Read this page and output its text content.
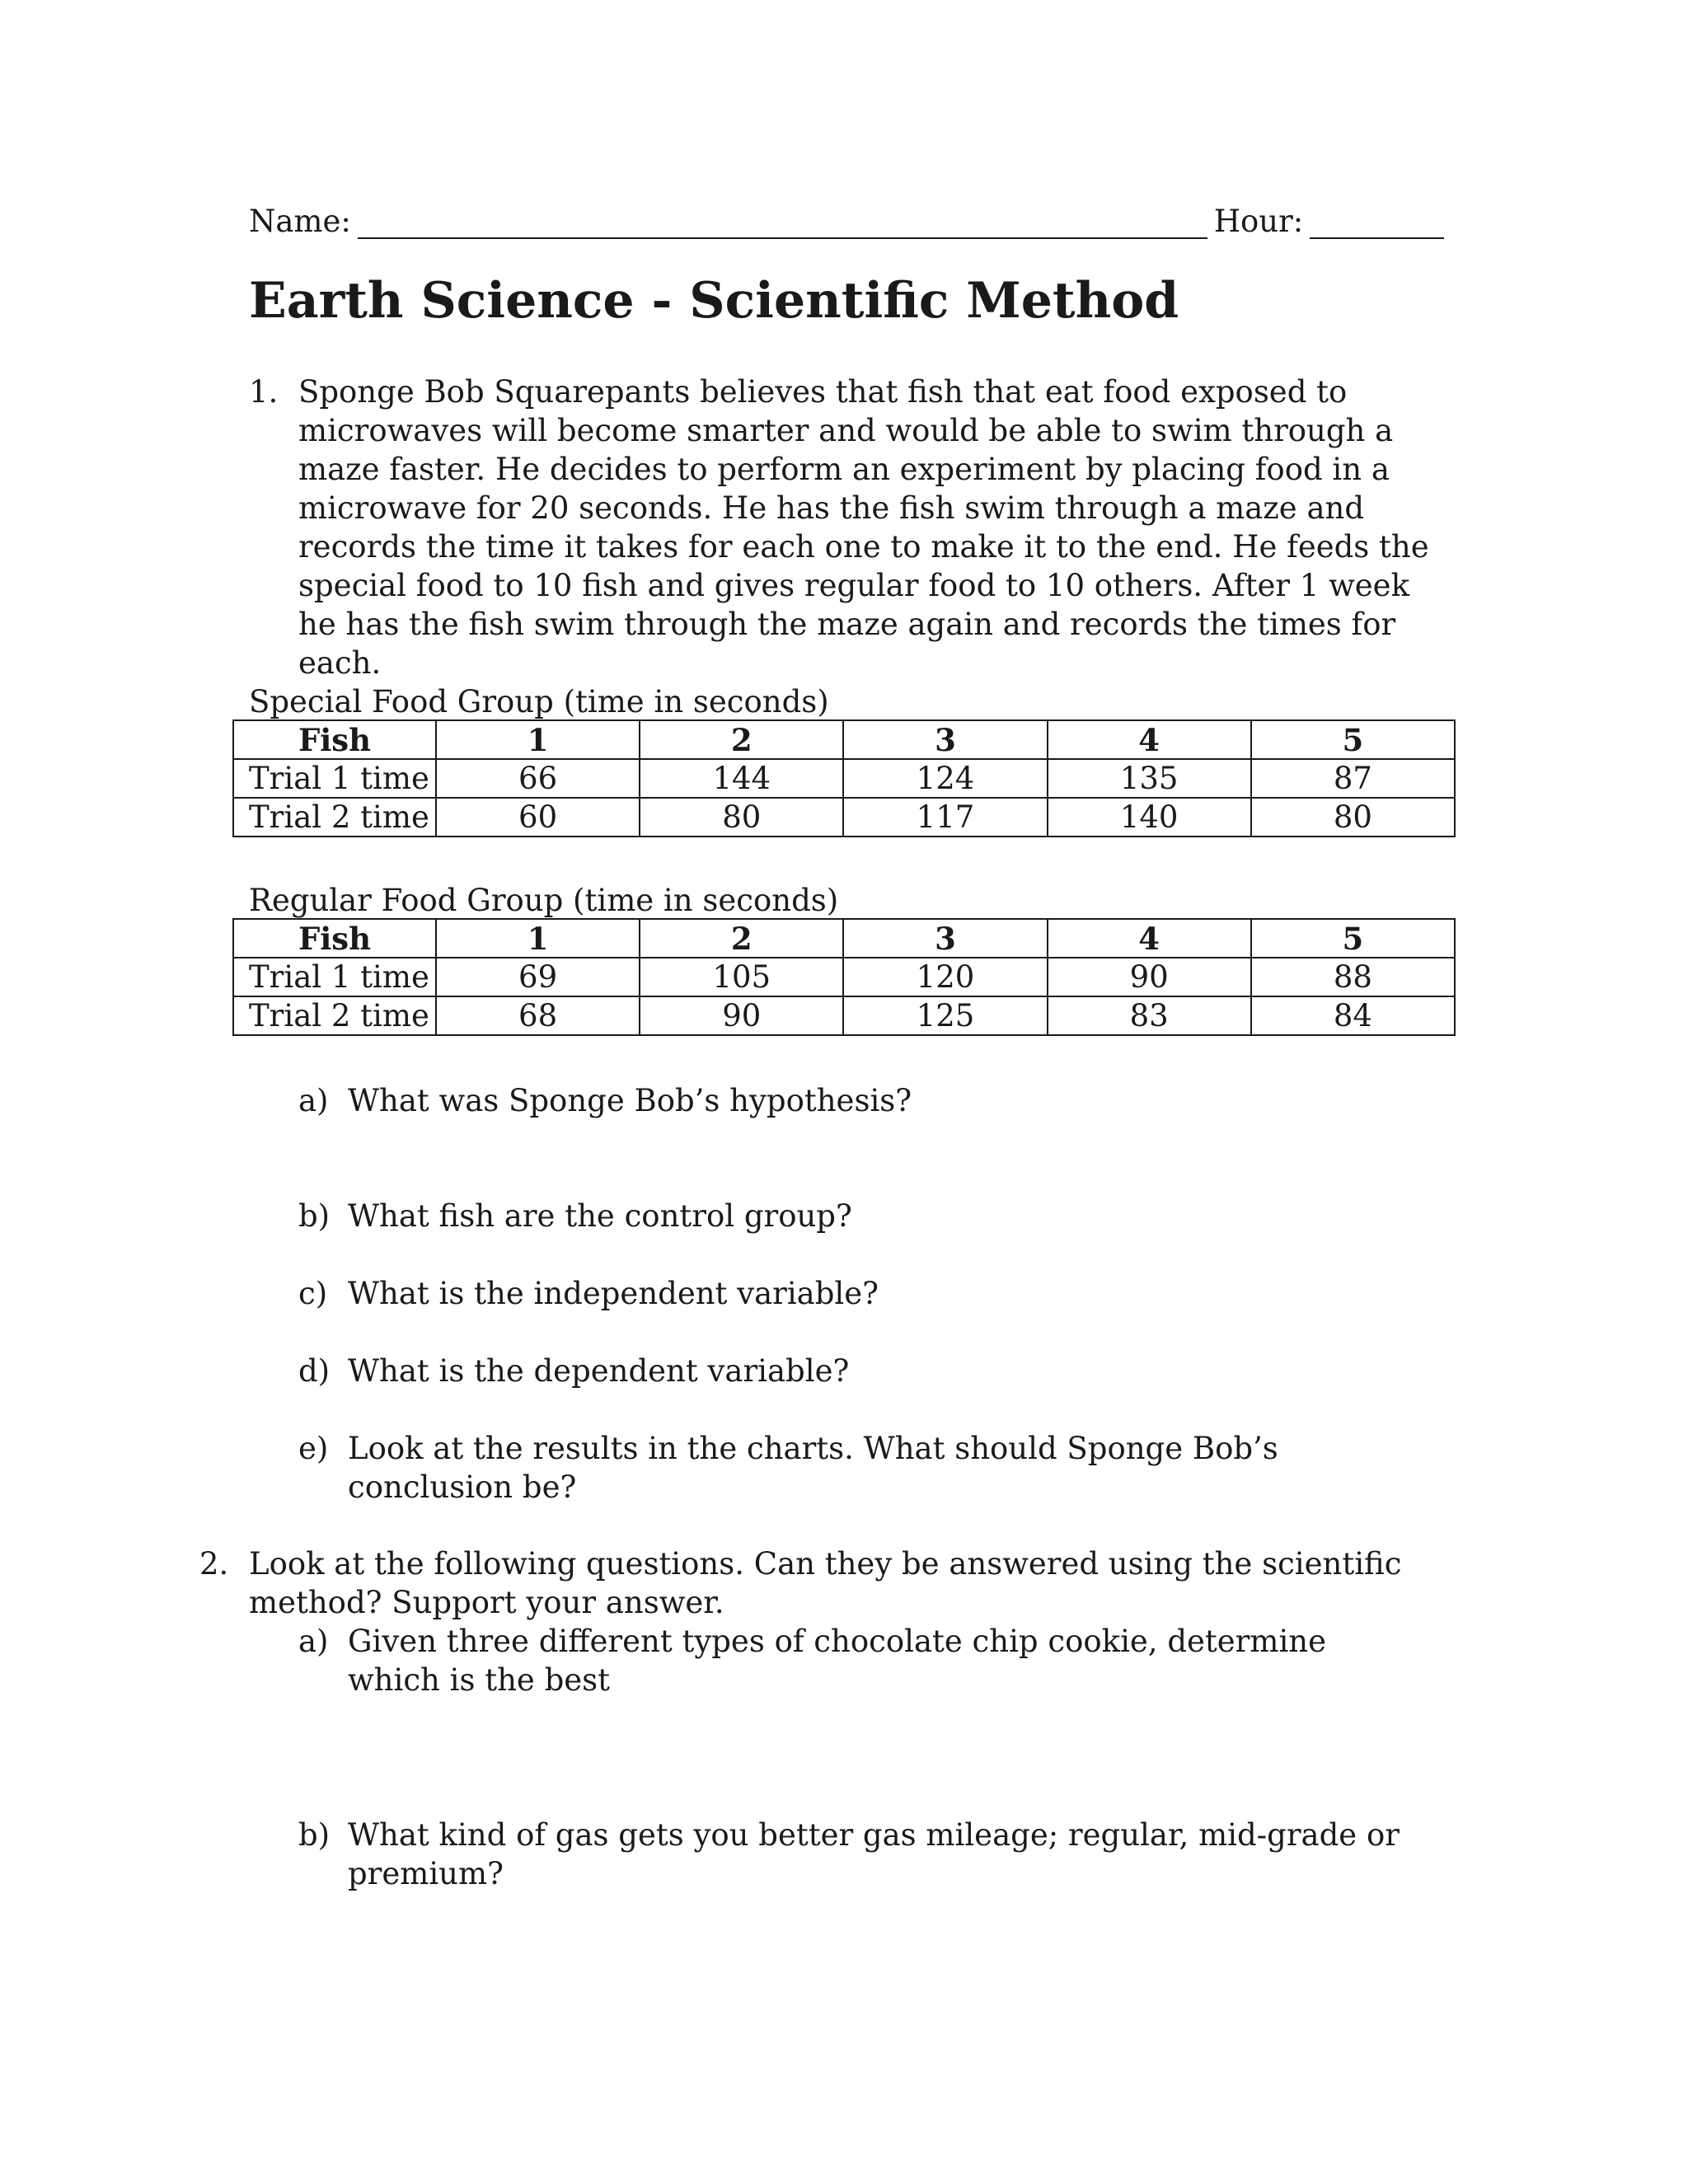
Name:	Hour:
Earth Science - Scientific Method
1. Sponge Bob Squarepants believes that fish that eat food exposed to microwaves will become smarter and would be able to swim through a maze faster. He decides to perform an experiment by placing food in a microwave for 20 seconds. He has the fish swim through a maze and records the time it takes for each one to make it to the end. He feeds the special food to 10 fish and gives regular food to 10 others. After 1 week he has the fish swim through the maze again and records the times for each.
Special Food Group (time in seconds)
Fish	1	2	3	4	5
Trial 1 time	66	144	124	135	87
Trial 2 time	60	80	117	140	80
Regular Food Group (time in seconds)
Fish	1	2	3	4	5
Trial 1 time	69	105	120	90	88
Trial 2 time	68	90	125	83	84
a) What was Sponge Bob’s hypothesis?
b) What fish are the control group?
c) What is the independent variable?
d) What is the dependent variable?
e) Look at the results in the charts. What should Sponge Bob’s conclusion be?
2. Look at the following questions. Can they be answered using the scientific method? Support your answer.
a) Given three different types of chocolate chip cookie, determine which is the best
b) What kind of gas gets you better gas mileage; regular, mid-grade or premium?
